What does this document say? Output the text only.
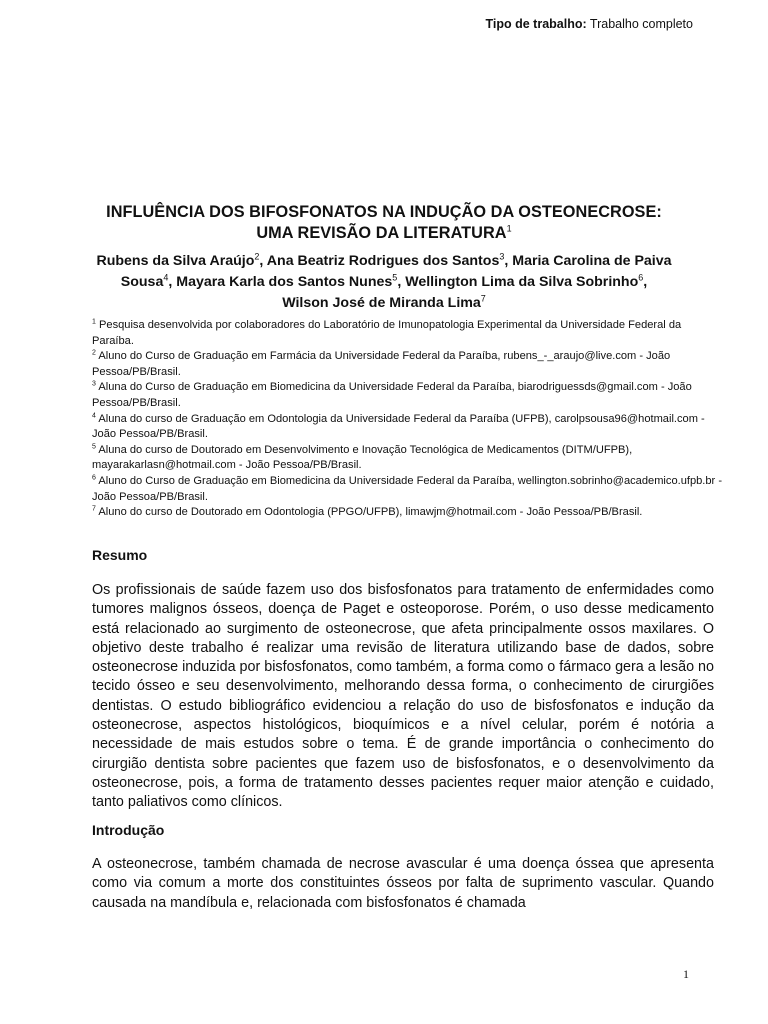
Tipo de trabalho: Trabalho completo
INFLUÊNCIA DOS BIFOSFONATOS NA INDUÇÃO DA OSTEONECROSE:
UMA REVISÃO DA LITERATURA$^1$
Rubens da Silva Araújo$^2$, Ana Beatriz Rodrigues dos Santos$^3$, Maria Carolina de Paiva Sousa$^4$, Mayara Karla dos Santos Nunes$^5$, Wellington Lima da Silva Sobrinho$^6$,
Wilson José de Miranda Lima$^7$

$^1$ Pesquisa desenvolvida por colaboradores do Laboratório de Imunopatologia Experimental da Universidade Federal da Paraíba.

$^2$ Aluno do Curso de Graduação em Farmácia da Universidade Federal da Paraíba, rubens_-_araujo@live.com - João Pessoa/PB/Brasil.

$^3$ Aluna do Curso de Graduação em Biomedicina da Universidade Federal da Paraíba, biarodriguessds@gmail.com - João Pessoa/PB/Brasil.

$^4$ Aluna do curso de Graduação em Odontologia da Universidade Federal da Paraíba (UFPB), carolpsousa96@hotmail.com - João Pessoa/PB/Brasil.

$^5$ Aluna do curso de Doutorado em Desenvolvimento e Inovação Tecnológica de Medicamentos (DITM/UFPB), mayarakarlasn@hotmail.com - João Pessoa/PB/Brasil.

$^6$ Aluno do Curso de Graduação em Biomedicina da Universidade Federal da Paraíba, wellington.sobrinho@academico.ufpb.br - João Pessoa/PB/Brasil.

$^7$ Aluno do curso de Doutorado em Odontologia (PPGO/UFPB), limawjm@hotmail.com - João Pessoa/PB/Brasil.

Resumo
Os profissionais de saúde fazem uso dos bisfosfonatos para tratamento de enfermidades como tumores malignos ósseos, doença de Paget e osteoporose. Porém, o uso desse medicamento está relacionado ao surgimento de osteonecrose, que afeta principalmente ossos maxilares. O objetivo deste trabalho é realizar uma revisão de literatura utilizando base de dados, sobre osteonecrose induzida por bisfosfonatos, como também, a forma como o fármaco gera a lesão no tecido ósseo e seu desenvolvimento, melhorando dessa forma, o conhecimento de cirurgiões dentistas. O estudo bibliográfico evidenciou a relação do uso de bisfosfonatos e indução da osteonecrose, aspectos histológicos, bioquímicos e a nível celular, porém é notória a necessidade de mais estudos sobre o tema. É de grande importância o conhecimento do cirurgião dentista sobre pacientes que fazem uso de bisfosfonatos, e o desenvolvimento da osteonecrose, pois, a forma de tratamento desses pacientes requer maior atenção e cuidado, tanto paliativos como clínicos.
Introdução
A osteonecrose, também chamada de necrose avascular é uma doença óssea que apresenta como via comum a morte dos constituintes ósseos por falta de suprimento vascular. Quando causada na mandíbula e, relacionada com bisfosfonatos é chamada
1
